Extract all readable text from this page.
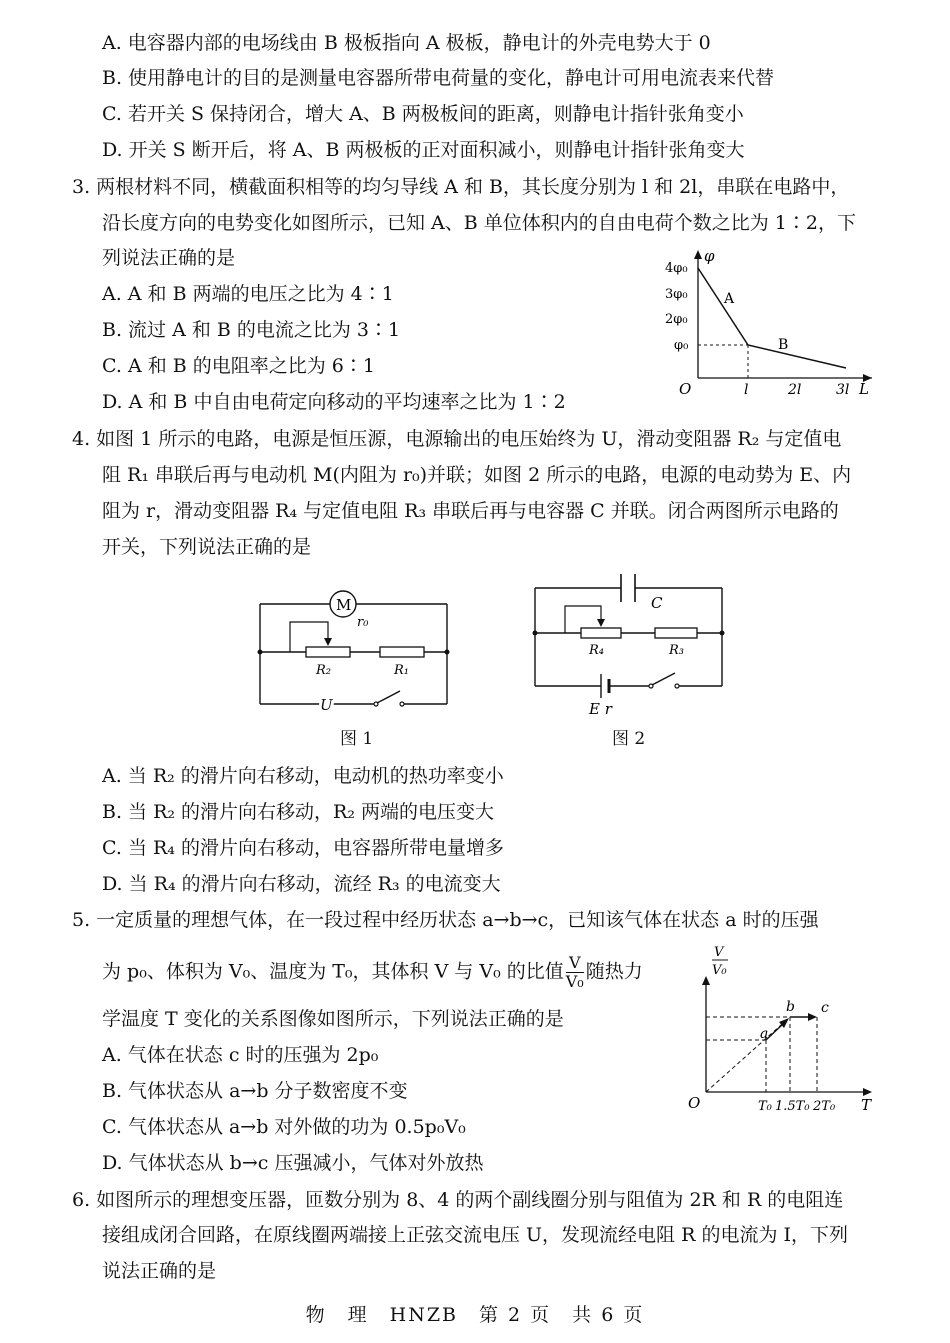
A. 电容器内部的电场线由 B 极板指向 A 极板，静电计的外壳电势大于 0
B. 使用静电计的目的是测量电容器所带电荷量的变化，静电计可用电流表来代替
C. 若开关 S 保持闭合，增大 A、B 两极板间的距离，则静电计指针张角变小
D. 开关 S 断开后，将 A、B 两极板的正对面积减小，则静电计指针张角变大
3. 两根材料不同，横截面积相等的均匀导线 A 和 B，其长度分别为 l 和 2l，串联在电路中，
沿长度方向的电势变化如图所示，已知 A、B 单位体积内的自由电荷个数之比为 1∶2，下
列说法正确的是
A. A 和 B 两端的电压之比为 4∶1
B. 流过 A 和 B 的电流之比为 3∶1
C. A 和 B 的电阻率之比为 6∶1
D. A 和 B 中自由电荷定向移动的平均速率之比为 1∶2
φ
L
O
4φ₀
3φ₀
2φ₀
φ₀
l	2l 3l
A
B
4. 如图 1 所示的电路，电源是恒压源，电源输出的电压始终为 U，滑动变阻器 R₂ 与定值电
阻 R₁ 串联后再与电动机 M(内阻为 r₀)并联；如图 2 所示的电路，电源的电动势为 E、内
阻为 r，滑动变阻器 R₄ 与定值电阻 R₃ 串联后再与电容器 C 并联。闭合两图所示电路的
开关，下列说法正确的是
M
r₀
R₂	R₁
U
图 1
C
R₄	R₃
E r
图 2
A. 当 R₂ 的滑片向右移动，电动机的热功率变小
B. 当 R₂ 的滑片向右移动，R₂ 两端的电压变大
C. 当 R₄ 的滑片向右移动，电容器所带电量增多
D. 当 R₄ 的滑片向右移动，流经 R₃ 的电流变大
5. 一定质量的理想气体，在一段过程中经历状态 a→b→c，已知该气体在状态 a 时的压强
为 p₀、体积为 V₀、温度为 T₀，其体积 V 与 V₀ 的比值 $\frac{V}{\text{V₀}}$ 随热力
学温度 T 变化的关系图像如图所示，下列说法正确的是
A. 气体在状态 c 时的压强为 2p₀
B. 气体状态从 a→b 分子数密度不变
C. 气体状态从 a→b 对外做的功为 0.5p₀V₀
D. 气体状态从 b→c 压强减小，气体对外放热
V
V₀
O	T
a
b c
T₀ 1.5T₀ 2T₀
6. 如图所示的理想变压器，匝数分别为 8、4 的两个副线圈分别与阻值为 2R 和 R 的电阻连
接组成闭合回路，在原线圈两端接上正弦交流电压 U，发现流经电阻 R 的电流为 I，下列
说法正确的是
物　理　HNZB　第 2 页　共 6 页
